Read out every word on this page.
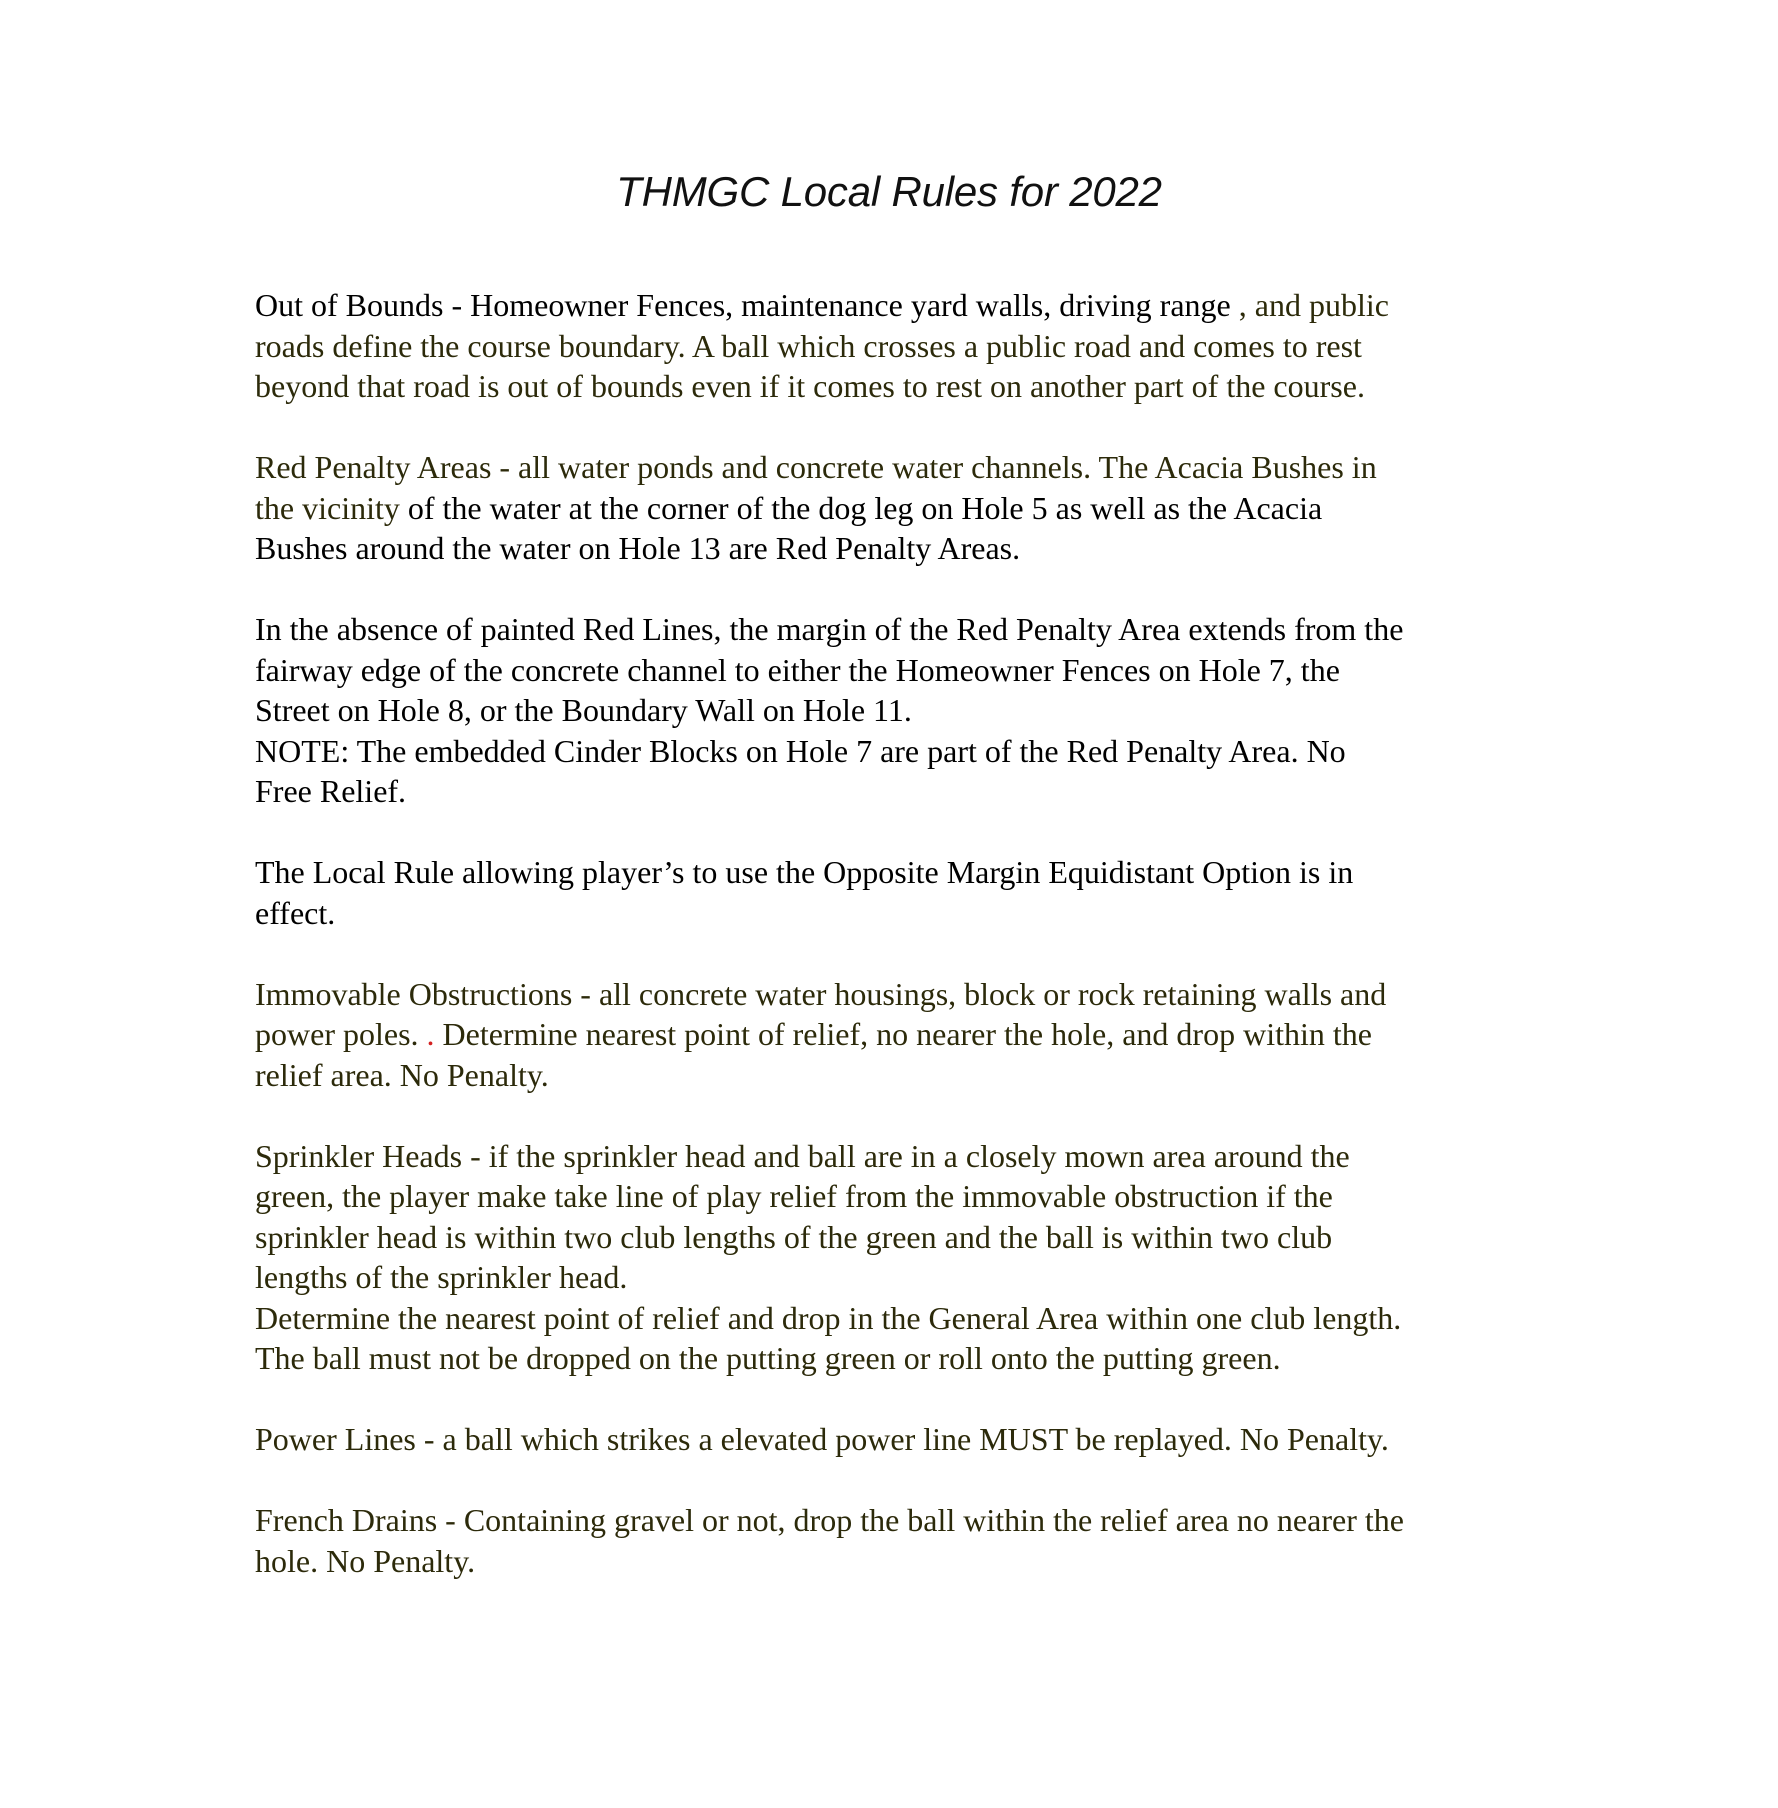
THMGC Local Rules for 2022

Out of Bounds - Homeowner Fences, maintenance yard walls, driving range , and public
roads define the course boundary. A ball which crosses a public road and comes to rest
beyond that road is out of bounds even if it comes to rest on another part of the course.

Red Penalty Areas - all water ponds and concrete water channels. The Acacia Bushes in
the vicinity of the water at the corner of the dog leg on Hole 5 as well as the Acacia
Bushes around the water on Hole 13 are Red Penalty Areas.

In the absence of painted Red Lines, the margin of the Red Penalty Area extends from the
fairway edge of the concrete channel to either the Homeowner Fences on Hole 7, the
Street on Hole 8, or the Boundary Wall on Hole 11.
NOTE: The embedded Cinder Blocks on Hole 7 are part of the Red Penalty Area. No
Free Relief.

The Local Rule allowing player’s to use the Opposite Margin Equidistant Option is in
effect.

Immovable Obstructions - all concrete water housings, block or rock retaining walls and
power poles. . Determine nearest point of relief, no nearer the hole, and drop within the
relief area. No Penalty.

Sprinkler Heads - if the sprinkler head and ball are in a closely mown area around the
green, the player make take line of play relief from the immovable obstruction if the
sprinkler head is within two club lengths of the green and the ball is within two club
lengths of the sprinkler head.
Determine the nearest point of relief and drop in the General Area within one club length.
The ball must not be dropped on the putting green or roll onto the putting green.

Power Lines - a ball which strikes a elevated power line MUST be replayed. No Penalty.

French Drains - Containing gravel or not, drop the ball within the relief area no nearer the
hole. No Penalty.
